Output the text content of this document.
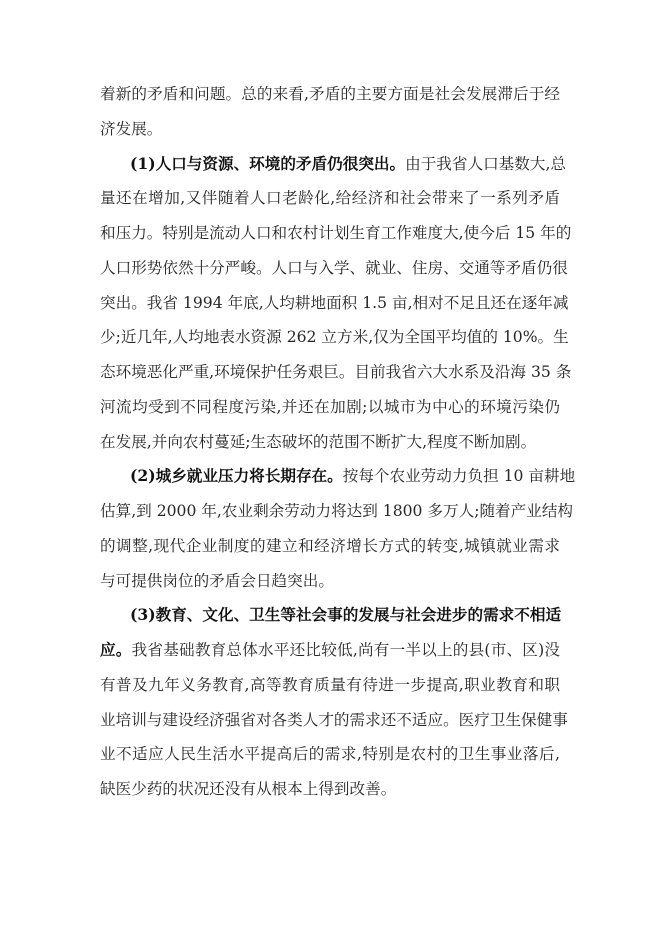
着新的矛盾和问题。总的来看,矛盾的主要方面是社会发展滞后于经
济发展。
(1)人口与资源、环境的矛盾仍很突出。由于我省人口基数大,总
量还在增加,又伴随着人口老龄化,给经济和社会带来了一系列矛盾
和压力。特别是流动人口和农村计划生育工作难度大,使今后 15 年的
人口形势依然十分严峻。人口与入学、就业、住房、交通等矛盾仍很
突出。我省 1994 年底,人均耕地面积 1.5 亩,相对不足且还在逐年减
少;近几年,人均地表水资源 262 立方米,仅为全国平均值的 10%。生
态环境恶化严重,环境保护任务艰巨。目前我省六大水系及沿海 35 条
河流均受到不同程度污染,并还在加剧;以城市为中心的环境污染仍
在发展,并向农村蔓延;生态破坏的范围不断扩大,程度不断加剧。
(2)城乡就业压力将长期存在。按每个农业劳动力负担 10 亩耕地
估算,到 2000 年,农业剩余劳动力将达到 1800 多万人;随着产业结构
的调整,现代企业制度的建立和经济增长方式的转变,城镇就业需求
与可提供岗位的矛盾会日趋突出。
(3)教育、文化、卫生等社会事的发展与社会进步的需求不相适
应。我省基础教育总体水平还比较低,尚有一半以上的县(市、区)没
有普及九年义务教育,高等教育质量有待进一步提高,职业教育和职
业培训与建设经济强省对各类人才的需求还不适应。医疗卫生保健事
业不适应人民生活水平提高后的需求,特别是农村的卫生事业落后,
缺医少药的状况还没有从根本上得到改善。
